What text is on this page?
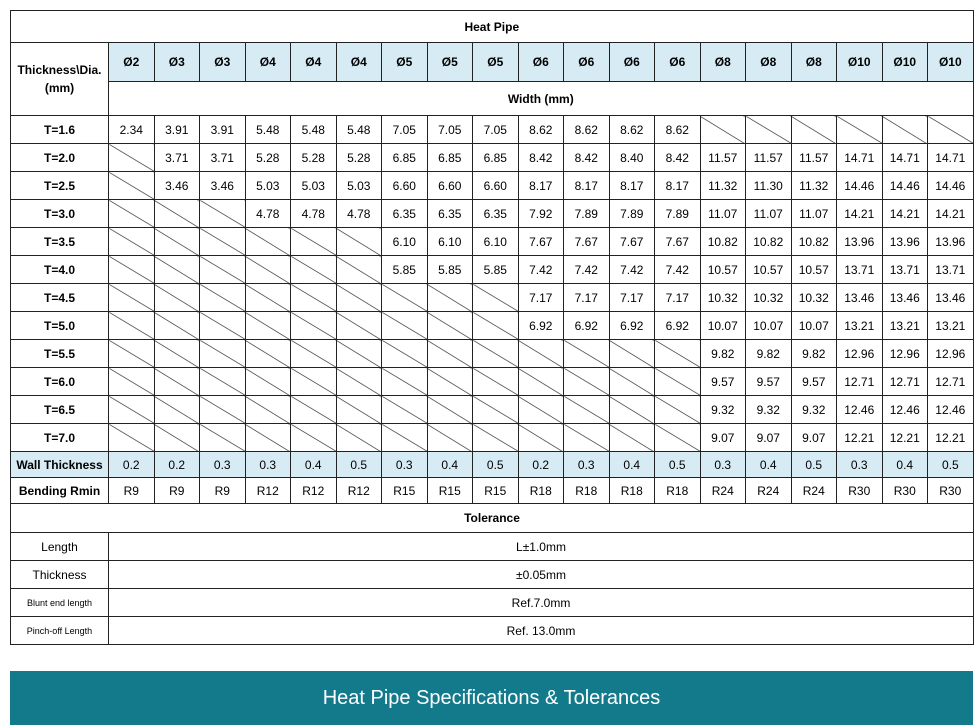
Heat Pipe																			
Thickness\Dia.
(mm)	Ø2	Ø3	Ø3	Ø4	Ø4	Ø4	Ø5	Ø5	Ø5	Ø6	Ø6	Ø6	Ø6	Ø8	Ø8	Ø8	Ø10	Ø10	Ø10
	Width (mm)																		
T=1.6	2.34	3.91	3.91	5.48	5.48	5.48	7.05	7.05	7.05	8.62	8.62	8.62	8.62						
T=2.0		3.71	3.71	5.28	5.28	5.28	6.85	6.85	6.85	8.42	8.42	8.40	8.42	11.57	11.57	11.57	14.71	14.71	14.71
T=2.5		3.46	3.46	5.03	5.03	5.03	6.60	6.60	6.60	8.17	8.17	8.17	8.17	11.32	11.30	11.32	14.46	14.46	14.46
T=3.0				4.78	4.78	4.78	6.35	6.35	6.35	7.92	7.89	7.89	7.89	11.07	11.07	11.07	14.21	14.21	14.21
T=3.5							6.10	6.10	6.10	7.67	7.67	7.67	7.67	10.82	10.82	10.82	13.96	13.96	13.96
T=4.0							5.85	5.85	5.85	7.42	7.42	7.42	7.42	10.57	10.57	10.57	13.71	13.71	13.71
T=4.5										7.17	7.17	7.17	7.17	10.32	10.32	10.32	13.46	13.46	13.46
T=5.0										6.92	6.92	6.92	6.92	10.07	10.07	10.07	13.21	13.21	13.21
T=5.5														9.82	9.82	9.82	12.96	12.96	12.96
T=6.0														9.57	9.57	9.57	12.71	12.71	12.71
T=6.5														9.32	9.32	9.32	12.46	12.46	12.46
T=7.0														9.07	9.07	9.07	12.21	12.21	12.21
Wall Thickness	0.2	0.2	0.3	0.3	0.4	0.5	0.3	0.4	0.5	0.2	0.3	0.4	0.5	0.3	0.4	0.5	0.3	0.4	0.5
Bending Rmin	R9	R9	R9	R12	R12	R12	R15	R15	R15	R18	R18	R18	R18	R24	R24	R24	R30	R30	R30
Tolerance	
Length	L±1.0mm
Thickness	±0.05mm
Blunt end length	Ref.7.0mm
Pinch-off Length	Ref. 13.0mm
Heat Pipe Specifications & Tolerances
